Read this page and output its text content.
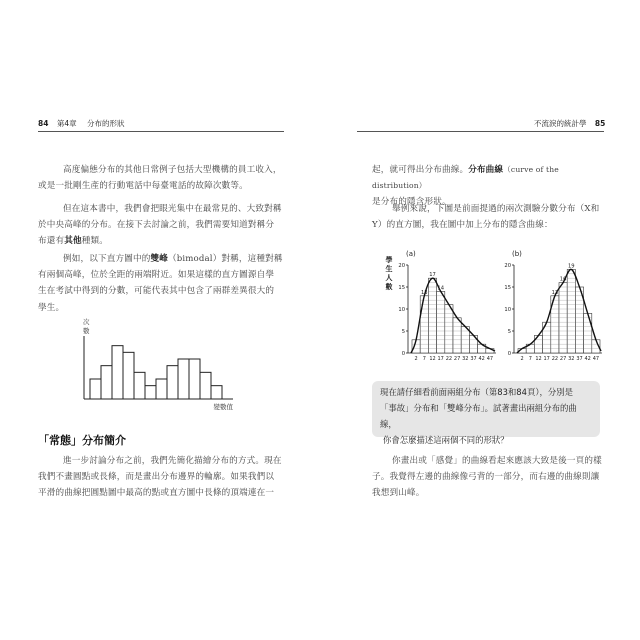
84 第4章 分布的形狀	不流淚的統計學 85
高度偏態分布的其他日常例子包括大型機構的員工收入，
或是一批剛生產的行動電話中每臺電話的故障次數等。
但在這本書中，我們會把眼光集中在最常見的、大致對稱
於中央高峰的分布。在接下去討論之前，我們需要知道對稱分
布還有其他種類。
例如，以下直方圖中的雙峰（bimodal）對稱，這種對稱
有兩個高峰，位於全距的兩端附近。如果這樣的直方圖源自學
生在考試中得到的分數，可能代表其中包含了兩群差異很大的
學生。
次
數
變數值
「常態」分布簡介
進一步討論分布之前，我們先簡化描繪分布的方式。現在
我們不畫圓點或長條，而是畫出分布邊界的輪廓。如果我們以
平滑的曲線把圓點圖中最高的點或直方圖中長條的頂端連在一
起，就可得出分布曲線。分布曲線（curve of the distribution）
是分布的隱含形狀。
舉例來說，下圖是前面提過的兩次測驗分數分布（X和
Y）的直方圖，我在圖中加上分布的隱含曲線：
(a)	(b)
學
生
人
數
0
5
10
15
20
2 7 12 17 22 27 32 37 42 47
17
14
13
0
5
10
15
20
2 7 12 17 22 27 32 37 42 47
19
16
13
現在請仔細看前面兩組分布（第83和84頁），分別是
「事故」分布和「雙峰分布」。試著畫出兩組分布的曲線，
你會怎麼描述這兩個不同的形狀？
你畫出或「感覺」的曲線看起來應該大致是後一頁的樣
子。我覺得左邊的曲線像弓背的一部分，而右邊的曲線則讓
我想到山峰。
